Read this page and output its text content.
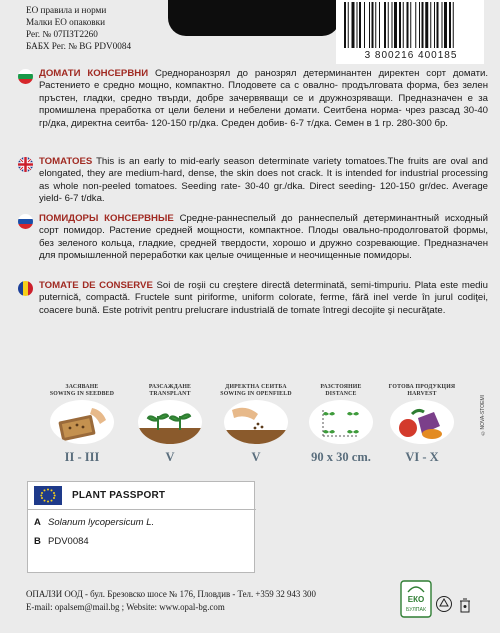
ЕО правила и норми
Малки ЕО опаковки
Рег. № 07ПЗТ2260
БАБХ Рег. № BG PDV0084
3 800216 400185
ДОМАТИ КОНСЕРВНИ Средноранозрял до ранозрял детерминантен директен сорт домати. Растението е средно мощно, компактно. Плодовете са с овално- продълговата форма, без зелен пръстен, гладки, средно твърди, добре зачервяващи се и дружнозряващи. Предназначен е за промишлена преработка от цели белени и небелени домати. Сеитбена норма- чрез разсад 30-40 гр/дка, директна сеитба- 120-150 гр/дка. Среден добив- 6-7 т/дка. Семен в 1 гр. 280-300 бр.
TOMATOES This is an early to mid-early season determinate variety tomatoes.The fruits are oval and elongated, they are medium-hard, dense, the skin does not crack. It is intended for industrial processing as whole non-peeled tomatoes. Seeding rate- 30-40 gr./dka. Direct seeding- 120-150 gr/dec. Average yield- 6-7 t/dka.
ПОМИДОРЫ КОНСЕРВНЫЕ Средне-раннеспелый до раннеспелый детерминантный исходный сорт помидор. Растение средней мощности, компактное. Плоды овально-продолговатой формы, без зеленого кольца, гладкие, средней твердости, хорошо и дружно созревающие. Предназначен для промышленной переработки как целые очищенные и неочищенные помидоры.
TOMATE DE CONSERVE Soi de roşii cu creştere directă determinată, semi-timpuriu. Plata este mediu puternică, compactă. Fructele sunt piriforme, uniform colorate, ferme, fără inel verde în jurul codiţei, coacere bună. Este potrivit pentru prelucrare industrială de tomate întregi decojite şi necurăţate.
ЗАСЯВАНЕ
SOWING IN SEEDBED
II - III
РАЗСАЖДАНЕ
TRANSPLANT
V
ДИРЕКТНА СЕИТБА
SOWING IN OPENFIELD
V
РАЗСТОЯНИЕ
DISTANCE
90 x 30 cm.
ГОТОВА ПРОДУКЦИЯ
HARVEST
VI - X
©NOVA-STOEMI
PLANT PASSPORT
A Solanum lycopersicum L.
B PDV0084
ОПАЛЗИ ООД - бул. Брезовско шосе № 176, Пловдив - Тел. +359 32 943 300
E-mail: opalsem@mail.bg ; Website: www.opal-bg.com
ЕКО
БУЛПАК
